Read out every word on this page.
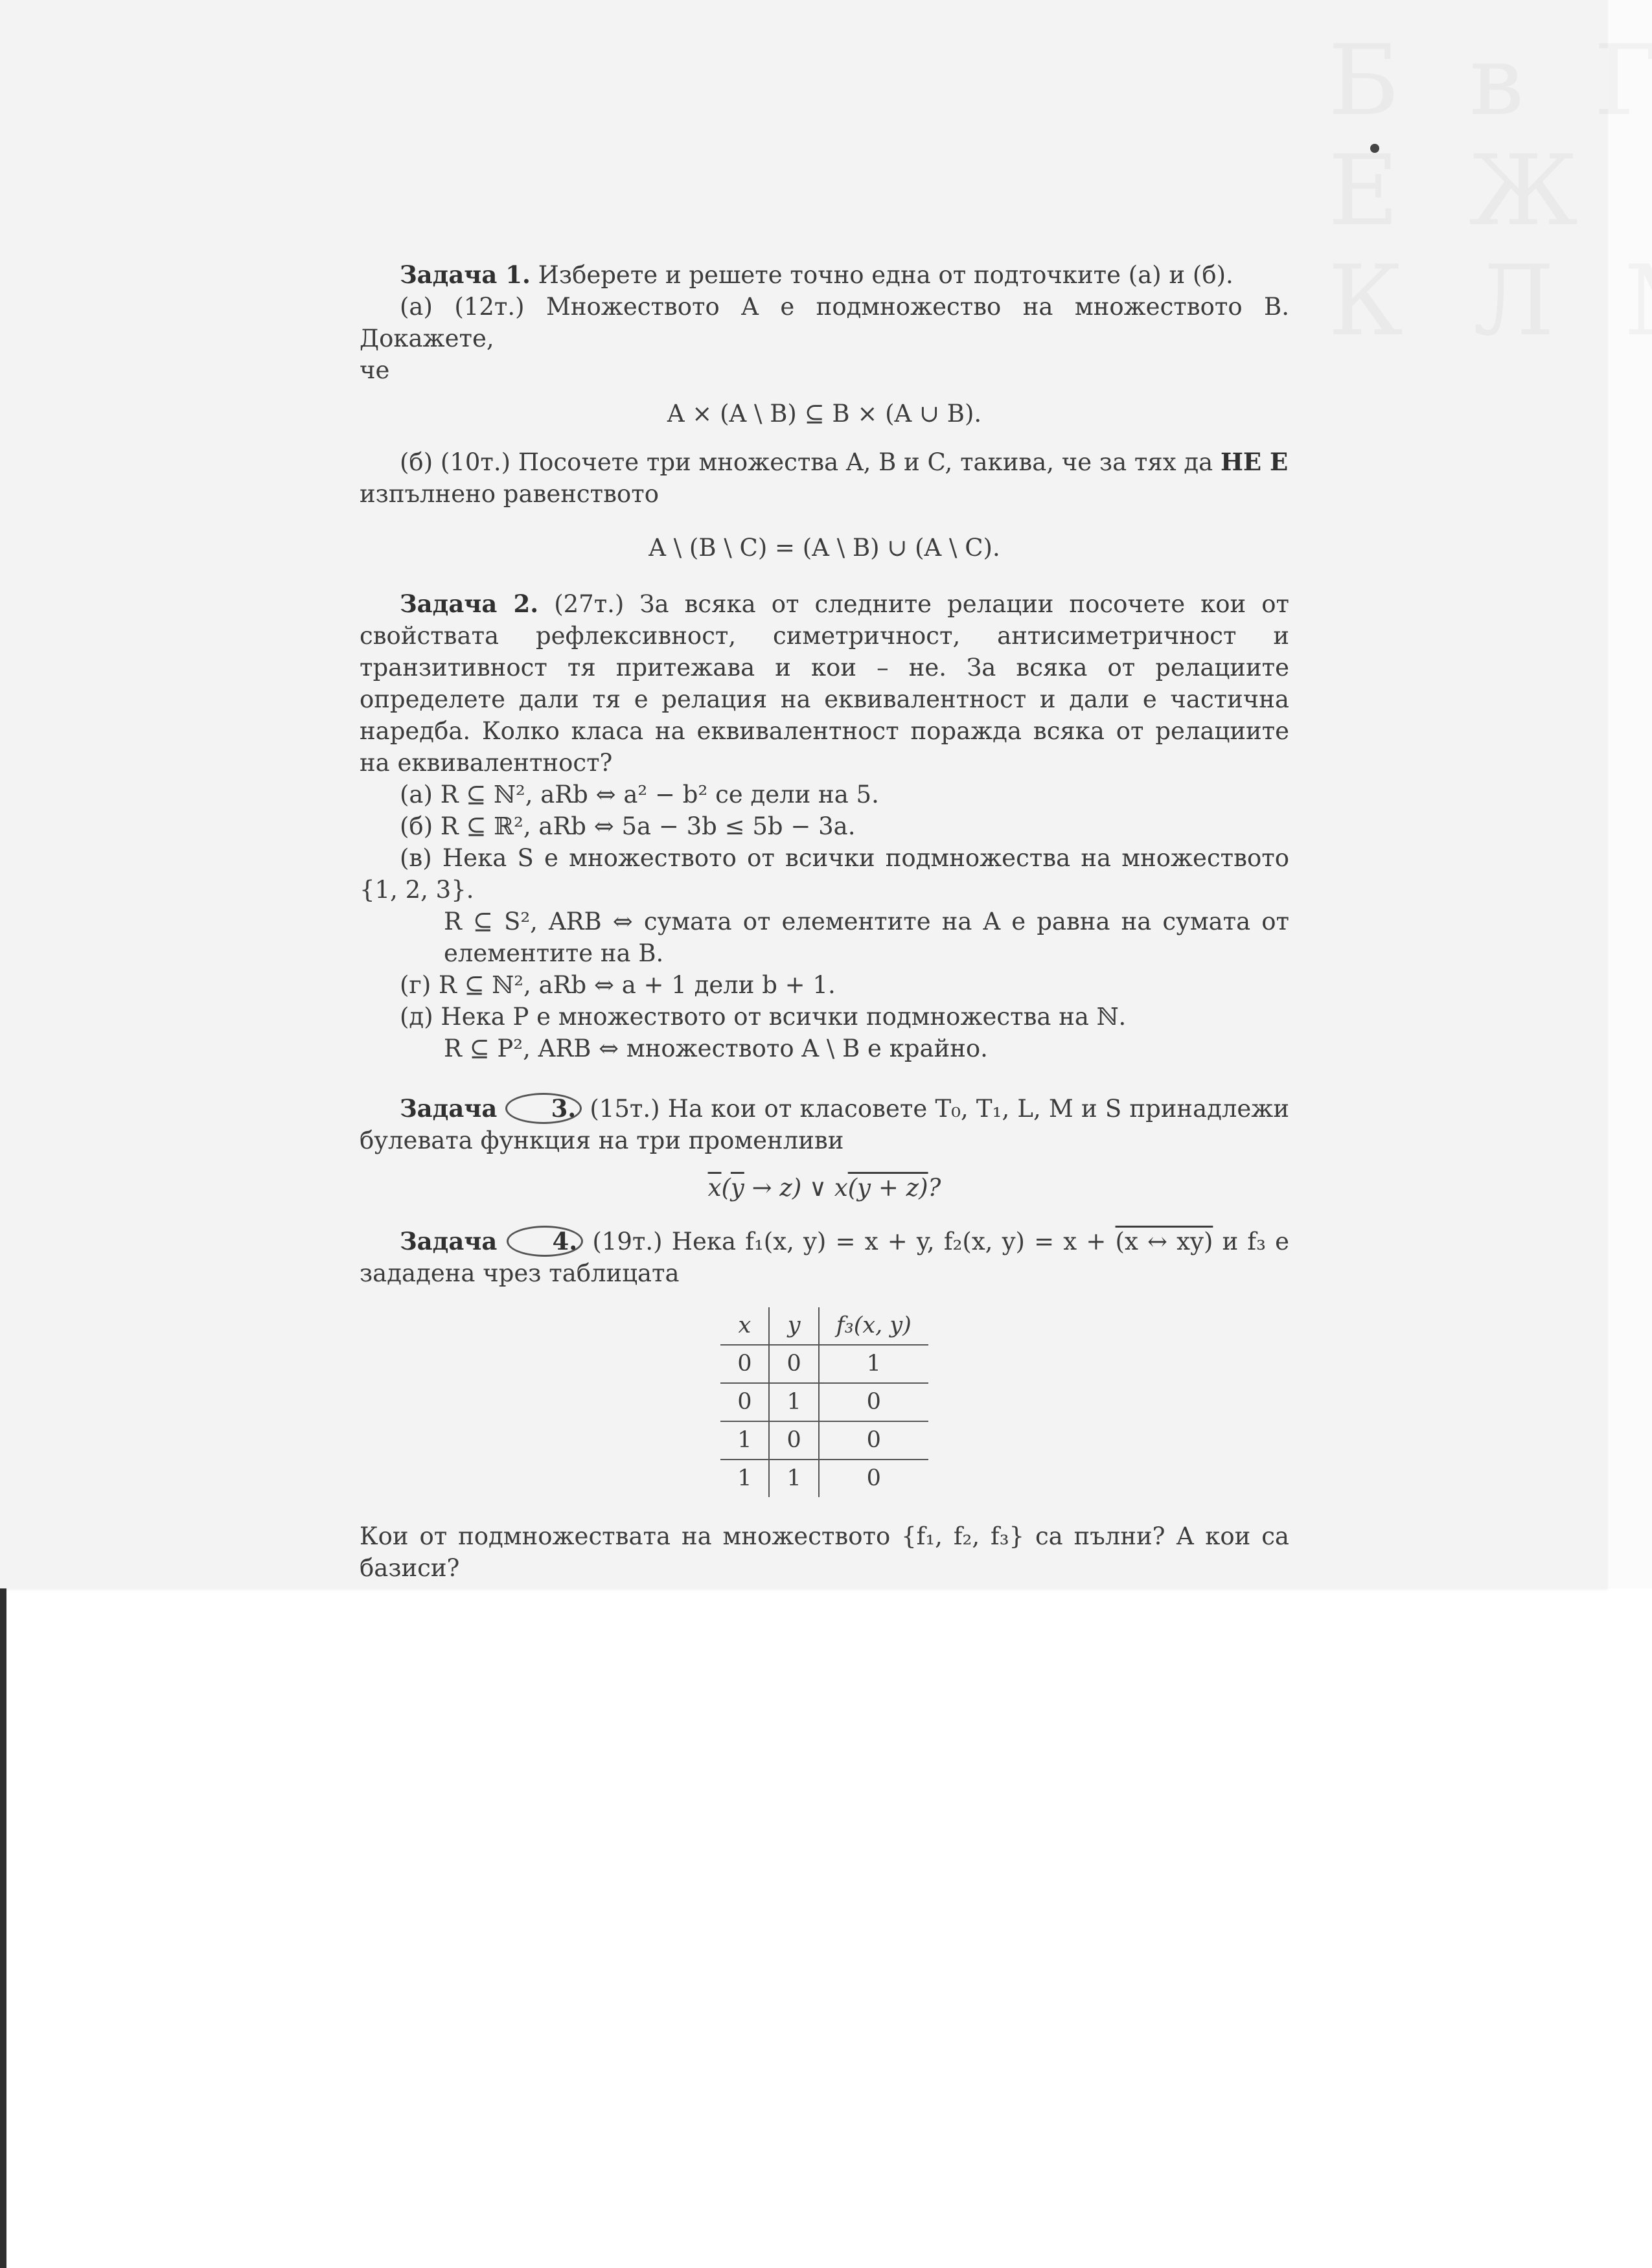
Задача 1. Изберете и решете точно една от подточките (а) и (б).

(а) (12т.) Множеството A е подмножество на множеството B. Докажете,

че

A × (A \ B) ⊆ B × (A ∪ B).

(б) (10т.) Посочете три множества A, B и C, такива, че за тях да НЕ Е

изпълнено равенството

A \ (B \ C) = (A \ B) ∪ (A \ C).

Задача 2. (27т.) За всяка от следните релации посочете кои от свойствата рефлексивност, симетричност, антисиметричност и транзитивност тя притежава и кои – не. За всяка от релациите определете дали тя е релация на еквивалентност и дали е частична наредба. Колко класа на еквивалентност поражда всяка от релациите на еквивалентност?

(а) R ⊆ ℕ², aRb ⇔ a² − b² се дели на 5.

(б) R ⊆ ℝ², aRb ⇔ 5a − 3b ≤ 5b − 3a.

(в) Нека S е множеството от всички подмножества на множеството {1, 2, 3}.

R ⊆ S², ARB ⇔ сумата от елементите на A е равна на сумата от елементите на B.

(г) R ⊆ ℕ², aRb ⇔ a + 1 дели b + 1.

(д) Нека P е множеството от всички подмножества на ℕ.

R ⊆ P², ARB ⇔ множеството A \ B е крайно.

Задача 3. (15т.) На кои от класовете T₀, T₁, L, M и S принадлежи булевата функция на три променливи

$\overline{x}(\overline{y} \to z)$ ∨ x(y + z)?

Задача 4. (19т.) Нека f₁(x, y) = x + y, f₂(x, y) = x + (x ↔ xy) и f₃ е зададена чрез таблицата

x	y	f₃(x, y)
0	0	1
0	1	0
1	0	0
1	1	0

Кои от подмножествата на множеството {f₁, f₂, f₃} са пълни? А кои са базиси?
